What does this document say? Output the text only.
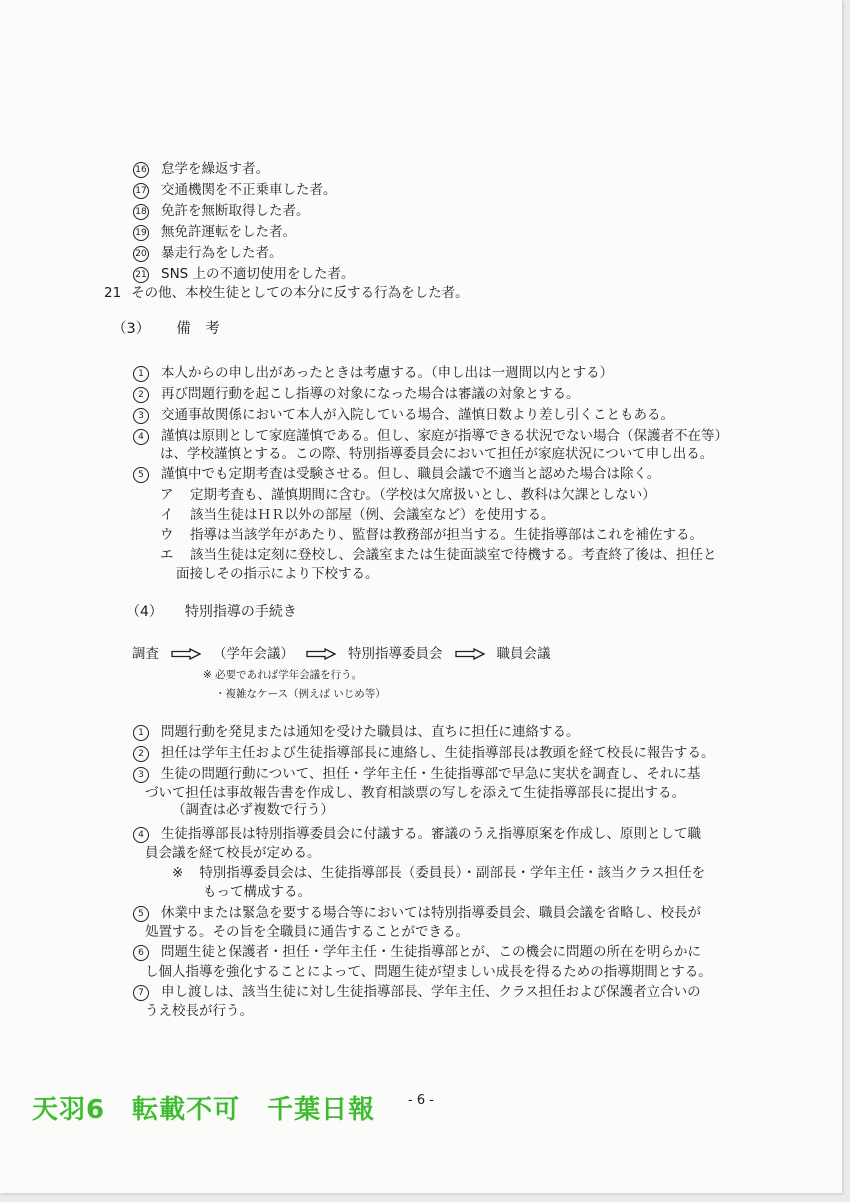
16 怠学を繰返す者。
17 交通機関を不正乗車した者。
18 免許を無断取得した者。
19 無免許運転をした者。
20 暴走行為をした者。
21 SNS 上の不適切使用をした者。
21 その他、本校生徒としての本分に反する行為をした者。
（3） 備　考
1 本人からの申し出があったときは考慮する。（申し出は一週間以内とする）
2 再び問題行動を起こし指導の対象になった場合は審議の対象とする。
3 交通事故関係において本人が入院している場合、謹慎日数より差し引くこともある。
4 謹慎は原則として家庭謹慎である。但し、家庭が指導できる状況でない場合（保護者不在等）
は、学校謹慎とする。この際、特別指導委員会において担任が家庭状況について申し出る。
5 謹慎中でも定期考査は受験させる。但し、職員会議で不適当と認めた場合は除く。
ア 定期考査も、謹慎期間に含む。（学校は欠席扱いとし、教科は欠課としない）
イ 該当生徒はＨＲ以外の部屋（例、会議室など）を使用する。
ウ 指導は当該学年があたり、監督は教務部が担当する。生徒指導部はこれを補佐する。
エ 該当生徒は定刻に登校し、会議室または生徒面談室で待機する。考査終了後は、担任と
面接しその指示により下校する。
（4） 特別指導の手続き
調査	（学年会議）	特別指導委員会	職員会議
※ 必要であれば学年会議を行う。
・複雑なケース（例えば いじめ等）
1 問題行動を発見または通知を受けた職員は、直ちに担任に連絡する。
2 担任は学年主任および生徒指導部長に連絡し、生徒指導部長は教頭を経て校長に報告する。
3 生徒の問題行動について、担任・学年主任・生徒指導部で早急に実状を調査し、それに基
づいて担任は事故報告書を作成し、教育相談票の写しを添えて生徒指導部長に提出する。
（調査は必ず複数で行う）
4 生徒指導部長は特別指導委員会に付議する。審議のうえ指導原案を作成し、原則として職
員会議を経て校長が定める。
※ 特別指導委員会は、生徒指導部長（委員長）・副部長・学年主任・該当クラス担任を
もって構成する。
5 休業中または緊急を要する場合等においては特別指導委員会、職員会議を省略し、校長が
処置する。その旨を全職員に通告することができる。
6 問題生徒と保護者・担任・学年主任・生徒指導部とが、この機会に問題の所在を明らかに
し個人指導を強化することによって、問題生徒が望ましい成長を得るための指導期間とする。
7 申し渡しは、該当生徒に対し生徒指導部長、学年主任、クラス担任および保護者立合いの
うえ校長が行う。
天羽6　転載不可　千葉日報	- 6 -
